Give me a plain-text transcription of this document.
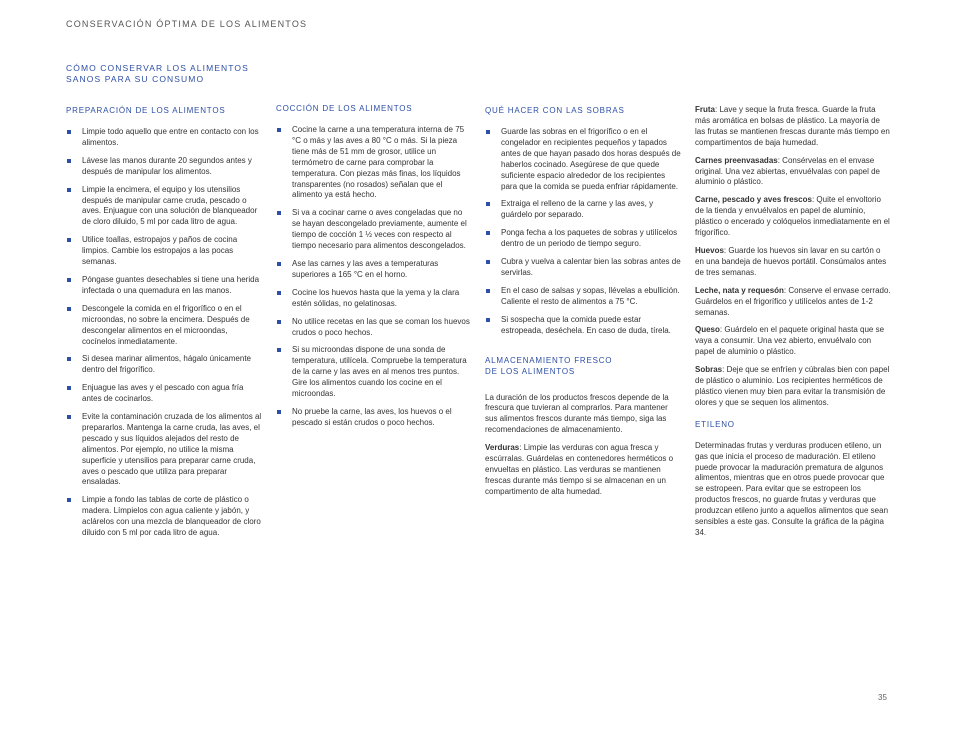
CONSERVACIÓN ÓPTIMA DE LOS ALIMENTOS
CÓMO CONSERVAR LOS ALIMENTOS SANOS PARA SU CONSUMO
PREPARACIÓN DE LOS ALIMENTOS
Limpie todo aquello que entre en contacto con los alimentos.
Lávese las manos durante 20 segundos antes y después de manipular los alimentos.
Limpie la encimera, el equipo y los utensilios después de manipular carne cruda, pescado o aves. Enjuague con una solución de blanqueador de cloro diluido, 5 ml por cada litro de agua.
Utilice toallas, estropajos y paños de cocina limpios. Cambie los estropajos a las pocas semanas.
Póngase guantes desechables si tiene una herida infectada o una quemadura en las manos.
Descongele la comida en el frigorífico o en el microondas, no sobre la encimera. Después de descongelar alimentos en el microondas, cocínelos inmediatamente.
Si desea marinar alimentos, hágalo únicamente dentro del frigorífico.
Enjuague las aves y el pescado con agua fría antes de cocinarlos.
Evite la contaminación cruzada de los alimentos al prepararlos. Mantenga la carne cruda, las aves, el pescado y sus líquidos alejados del resto de alimentos. Por ejemplo, no utilice la misma superficie y utensilios para preparar carne cruda, aves o pescado que utiliza para preparar ensaladas.
Limpie a fondo las tablas de corte de plástico o madera. Límpielos con agua caliente y jabón, y aclárelos con una mezcla de blanqueador de cloro diluido con 5 ml por cada litro de agua.
COCCIÓN DE LOS ALIMENTOS
Cocine la carne a una temperatura interna de 75 °C o más y las aves a 80 °C o más. Si la pieza tiene más de 51 mm de grosor, utilice un termómetro de carne para comprobar la temperatura. Con piezas más finas, los líquidos transparentes (no rosados) señalan que el alimento ya está hecho.
Si va a cocinar carne o aves congeladas que no se hayan descongelado previamente, aumente el tiempo de cocción 1 ½ veces con respecto al tiempo necesario para alimentos descongelados.
Ase las carnes y las aves a temperaturas superiores a 165 °C en el horno.
Cocine los huevos hasta que la yema y la clara estén sólidas, no gelatinosas.
No utilice recetas en las que se coman los huevos crudos o poco hechos.
Si su microondas dispone de una sonda de temperatura, utilícela. Compruebe la temperatura de la carne y las aves en al menos tres puntos. Gire los alimentos cuando los cocine en el microondas.
No pruebe la carne, las aves, los huevos o el pescado si están crudos o poco hechos.
QUÉ HACER CON LAS SOBRAS
Guarde las sobras en el frigorífico o en el congelador en recipientes pequeños y tapados antes de que hayan pasado dos horas después de haberlos cocinado. Asegúrese de que quede suficiente espacio alrededor de los recipientes para que la comida se pueda enfriar rápidamente.
Extraiga el relleno de la carne y las aves, y guárdelo por separado.
Ponga fecha a los paquetes de sobras y utilícelos dentro de un periodo de tiempo seguro.
Cubra y vuelva a calentar bien las sobras antes de servirlas.
En el caso de salsas y sopas, llévelas a ebullición. Caliente el resto de alimentos a 75 °C.
Si sospecha que la comida puede estar estropeada, deséchela. En caso de duda, tírela.
ALMACENAMIENTO FRESCO DE LOS ALIMENTOS

La duración de los productos frescos depende de la frescura que tuvieran al comprarlos. Para mantener sus alimentos frescos durante más tiempo, siga las recomendaciones de almacenamiento.

Verduras: Limpie las verduras con agua fresca y escúrralas. Guárdelas en contenedores herméticos o envueltas en plástico. Las verduras se mantienen frescas durante más tiempo si se almacenan en un compartimento de alta humedad.

Fruta: Lave y seque la fruta fresca. Guarde la fruta más aromática en bolsas de plástico. La mayoría de las frutas se mantienen frescas durante más tiempo en compartimentos de baja humedad.

Carnes preenvasadas: Consérvelas en el envase original. Una vez abiertas, envuélvalas con papel de aluminio o plástico.

Carne, pescado y aves frescos: Quite el envoltorio de la tienda y envuélvalos en papel de aluminio, plástico o encerado y colóquelos inmediatamente en el frigorífico.

Huevos: Guarde los huevos sin lavar en su cartón o en una bandeja de huevos portátil. Consúmalos antes de tres semanas.

Leche, nata y requesón: Conserve el envase cerrado. Guárdelos en el frigorífico y utilícelos antes de 1-2 semanas.

Queso: Guárdelo en el paquete original hasta que se vaya a consumir. Una vez abierto, envuélvalo con papel de aluminio o plástico.

Sobras: Deje que se enfríen y cúbralas bien con papel de plástico o aluminio. Los recipientes herméticos de plástico vienen muy bien para evitar la transmisión de olores y que se sequen los alimentos.

ETILENO

Determinadas frutas y verduras producen etileno, un gas que inicia el proceso de maduración. El etileno puede provocar la maduración prematura de algunos alimentos, mientras que en otros puede provocar que se estropeen. Para evitar que se estropeen los productos frescos, no guarde frutas y verduras que produzcan etileno junto a aquellos alimentos que sean sensibles a este gas. Consulte la gráfica de la página 34.

35
